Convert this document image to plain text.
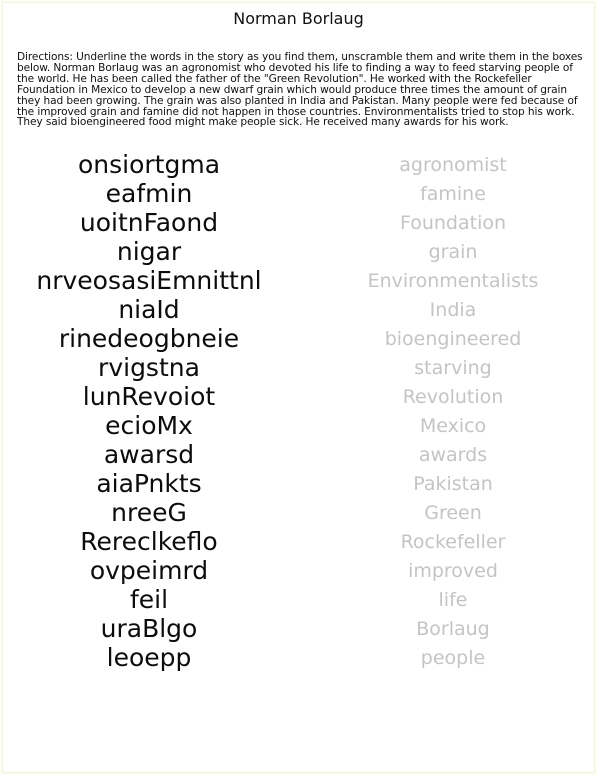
Norman Borlaug
Directions: Underline the words in the story as you find them, unscramble them and write them in the boxes below. Norman Borlaug was an agronomist who devoted his life to finding a way to feed starving people of the world. He has been called the father of the "Green Revolution". He worked with the Rockefeller Foundation in Mexico to develop a new dwarf grain which would produce three times the amount of grain they had been growing. The grain was also planted in India and Pakistan. Many people were fed because of the improved grain and famine did not happen in those countries. Environmentalists tried to stop his work. They said bioengineered food might make people sick. He received many awards for his work.
onsiortgma	agronomist
eafmin	famine
uoitnFaond	Foundation
nigar	grain
nrveosasiEmnittnl	Environmentalists
niaId	India
rinedeogbneie	bioengineered
rvigstna	starving
lunRevoiot	Revolution
ecioMx	Mexico
awarsd	awards
aiaPnkts	Pakistan
nreeG	Green
Rereclkeflo	Rockefeller
ovpeimrd	improved
feil	life
uraBlgo	Borlaug
leoepp	people
